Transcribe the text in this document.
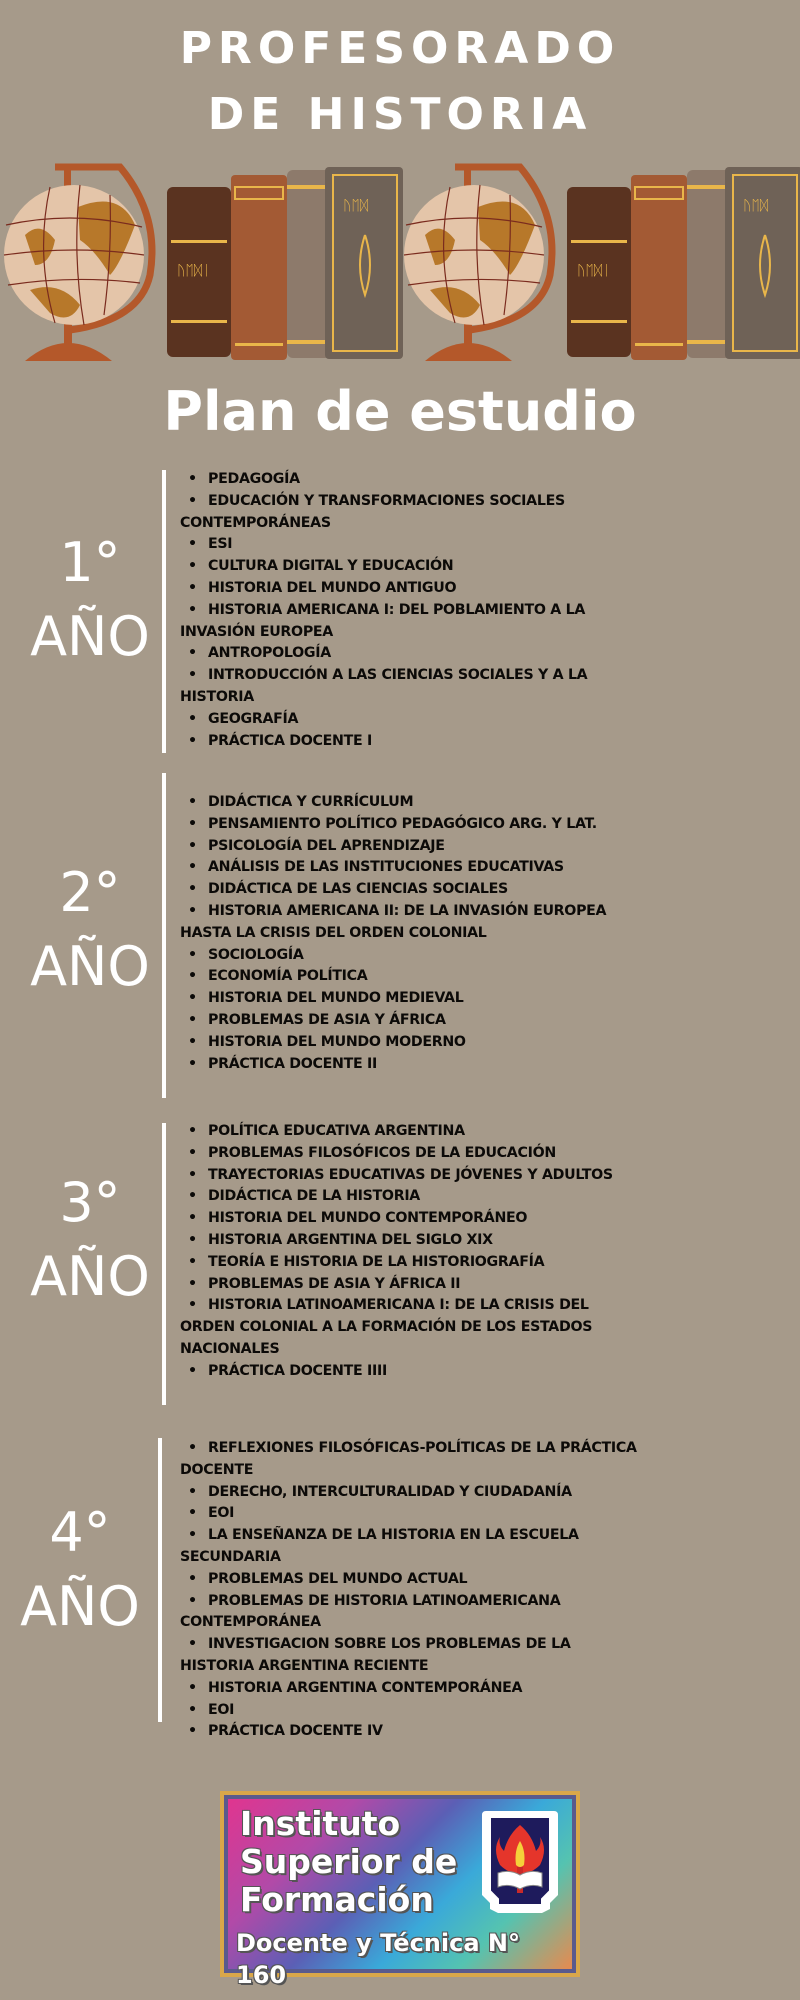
PROFESORADO
DE HISTORIA
ᚢᛖᛞᛁ
ᚢᛖᛞ
ᚢᛖᛞᛁ
ᚢᛖᛞ
Plan de estudio
1°
AÑO
• PEDAGOGÍA
• EDUCACIÓN Y TRANSFORMACIONES SOCIALES CONTEMPORÁNEAS
• ESI
• CULTURA DIGITAL Y EDUCACIÓN
• HISTORIA DEL MUNDO ANTIGUO
• HISTORIA AMERICANA I: DEL POBLAMIENTO A LA INVASIÓN EUROPEA
• ANTROPOLOGÍA
• INTRODUCCIÓN A LAS CIENCIAS SOCIALES Y A LA HISTORIA
• GEOGRAFÍA
• PRÁCTICA DOCENTE I
2°
AÑO
• DIDÁCTICA Y CURRÍCULUM
• PENSAMIENTO POLÍTICO PEDAGÓGICO ARG. Y LAT.
• PSICOLOGÍA DEL APRENDIZAJE
• ANÁLISIS DE LAS INSTITUCIONES EDUCATIVAS
• DIDÁCTICA DE LAS CIENCIAS SOCIALES
• HISTORIA AMERICANA II: DE LA INVASIÓN EUROPEA HASTA LA CRISIS DEL ORDEN COLONIAL
• SOCIOLOGÍA
• ECONOMÍA POLÍTICA
• HISTORIA DEL MUNDO MEDIEVAL
• PROBLEMAS DE ASIA Y ÁFRICA
• HISTORIA DEL MUNDO MODERNO
• PRÁCTICA DOCENTE II
3°
AÑO
• POLÍTICA EDUCATIVA ARGENTINA
• PROBLEMAS FILOSÓFICOS DE LA EDUCACIÓN
• TRAYECTORIAS EDUCATIVAS DE JÓVENES Y ADULTOS
• DIDÁCTICA DE LA HISTORIA
• HISTORIA DEL MUNDO CONTEMPORÁNEO
• HISTORIA ARGENTINA DEL SIGLO XIX
• TEORÍA E HISTORIA DE LA HISTORIOGRAFÍA
• PROBLEMAS DE ASIA Y ÁFRICA II
• HISTORIA LATINOAMERICANA I: DE LA CRISIS DEL ORDEN COLONIAL A LA FORMACIÓN DE LOS ESTADOS NACIONALES
• PRÁCTICA DOCENTE IIII
4°
AÑO
• REFLEXIONES FILOSÓFICAS-POLÍTICAS DE LA PRÁCTICA DOCENTE
• DERECHO, INTERCULTURALIDAD Y CIUDADANÍA
• EOI
• LA ENSEÑANZA DE LA HISTORIA EN LA ESCUELA SECUNDARIA
• PROBLEMAS DEL MUNDO ACTUAL
• PROBLEMAS DE HISTORIA LATINOAMERICANA CONTEMPORÁNEA
• INVESTIGACION SOBRE LOS PROBLEMAS DE LA HISTORIA ARGENTINA RECIENTE
• HISTORIA ARGENTINA CONTEMPORÁNEA
• EOI
• PRÁCTICA DOCENTE IV
Instituto
Superior de
Formación
Docente y Técnica N° 160
